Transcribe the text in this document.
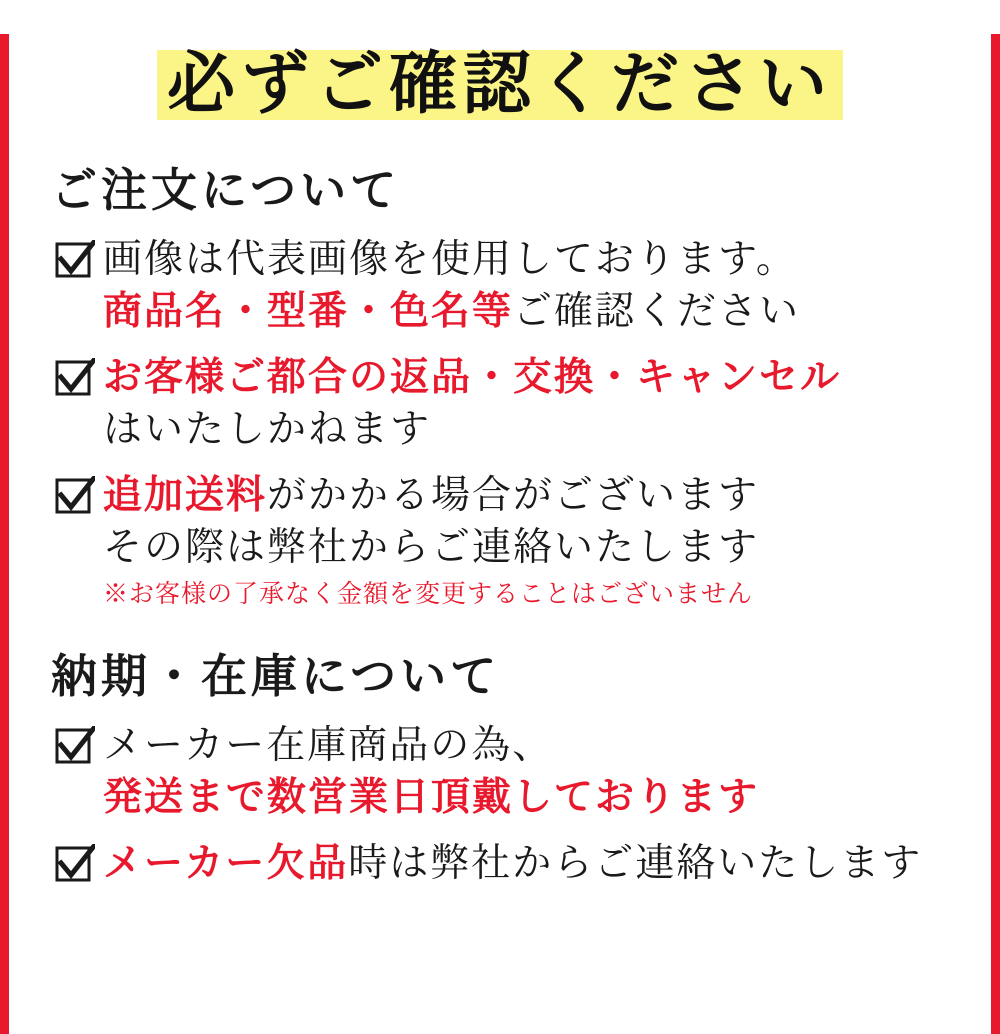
必ずご確認ください
ご注文について
画像は代表画像を使用しております。
商品名・型番・色名等ご確認ください
お客様ご都合の返品・交換・キャンセル
はいたしかねます
追加送料がかかる場合がございます
その際は弊社からご連絡いたします
※お客様の了承なく金額を変更することはございません
納期・在庫について
メーカー在庫商品の為、
発送まで数営業日頂戴しております
メーカー欠品時は弊社からご連絡いたします
